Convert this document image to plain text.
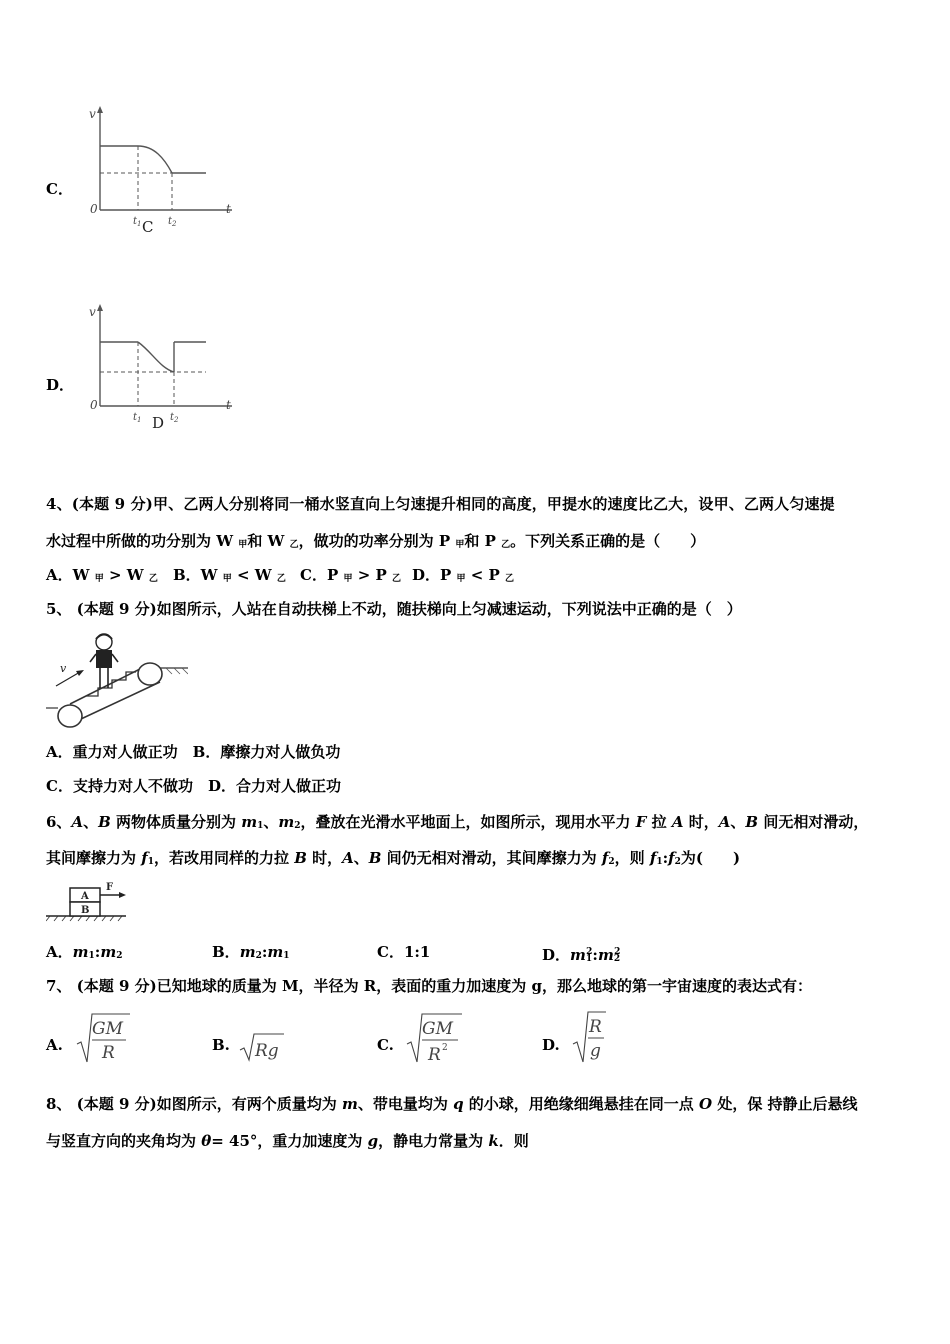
C．
v
t
0
$t_1$	$t_2$
C
D．
v
t
0
$t_1$	$t_2$
D
4、(本题 9 分)甲、乙两人分别将同一桶水竖直向上匀速提升相同的高度，甲提水的速度比乙大，设甲、乙两人匀速提
水过程中所做的功分别为 W 甲和 W 乙，做功的功率分别为 P 甲和 P 乙。下列关系正确的是（　　）
A．W 甲 > W 乙 B．W 甲 < W 乙 C．P 甲 > P 乙 D．P 甲 < P 乙
5、 (本题 9 分)如图所示，人站在自动扶梯上不动，随扶梯向上匀减速运动，下列说法中正确的是（　）
v
A．重力对人做正功　B．摩擦力对人做负功
C．支持力对人不做功　D．合力对人做正功
6、A、B 两物体质量分别为 m1、m2，叠放在光滑水平地面上，如图所示，现用水平力 F 拉 A 时，A、B 间无相对滑动，
其间摩擦力为 f1，若改用同样的力拉 B 时，A、B 间仍无相对滑动，其间摩擦力为 f2，则 f1:f2为(　　)
A
B
F
A．m1:m2	B．m2:m1	C．1:1	D．$m1^2:m2^2$
7、 (本题 9 分)已知地球的质量为 M，半径为 R，表面的重力加速度为 g，那么地球的第一宇宙速度的表达式有：
A.
GM
R	B. Rg	C.
GM
R 2	D.
R
g
8、 (本题 9 分)如图所示，有两个质量均为 m、带电量均为 q 的小球，用绝缘细绳悬挂在同一点 O 处，保 持静止后悬线
与竖直方向的夹角均为 θ= 45°，重力加速度为 g，静电力常量为 k．则
